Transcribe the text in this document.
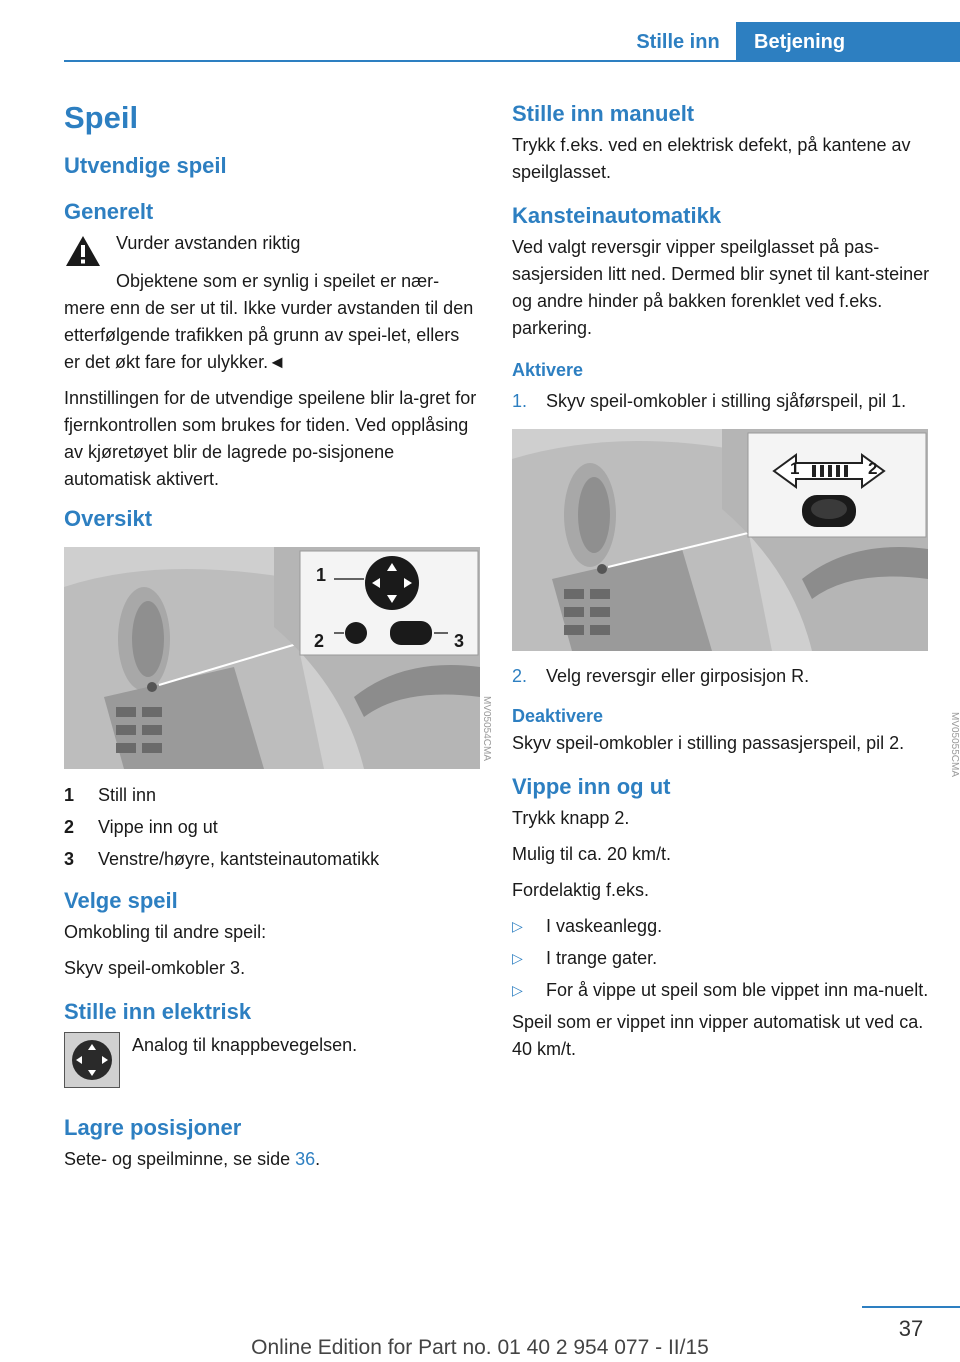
Stille inn	Betjening
Speil
Utvendige speil
Generelt

Vurder avstanden riktig

Objektene som er synlig i speilet er nær-mere enn de ser ut til. Ikke vurder avstanden til den etterfølgende trafikken på grunn av spei-let, ellers er det økt fare for ulykker.◄

Innstillingen for de utvendige speilene blir la-gret for fjernkontrollen som brukes for tiden. Ved opplåsing av kjøretøyet blir de lagrede po-sisjonene automatisk aktivert.

Oversikt
1
2	3
MV05054CMA
1	Still inn
2	Vippe inn og ut
3	Venstre/høyre, kantsteinautomatikk
Velge speil

Omkobling til andre speil:

Skyv speil-omkobler 3.

Stille inn elektrisk

Analog til knappbevegelsen.

Lagre posisjoner

Sete- og speilminne, se side 36.

Stille inn manuelt

Trykk f.eks. ved en elektrisk defekt, på kantene av speilglasset.

Kansteinautomatikk

Ved valgt reversgir vipper speilglasset på pas-sasjersiden litt ned. Dermed blir synet til kant-steiner og andre hinder på bakken forenklet ved f.eks. parkering.

Aktivere
1.	Skyv speil-omkobler i stilling sjåførspeil, pil 1.
1	2
MV05055CMA
2.	Velg reversgir eller girposisjon R.
Deaktivere

Skyv speil-omkobler i stilling passasjerspeil, pil 2.

Vippe inn og ut

Trykk knapp 2.

Mulig til ca. 20 km/t.

Fordelaktig f.eks.

▷	I vaskeanlegg.
▷	I trange gater.
▷	For å vippe ut speil som ble vippet inn ma-nuelt.

Speil som er vippet inn vipper automatisk ut ved ca. 40 km/t.

37
Online Edition for Part no. 01 40 2 954 077 - II/15
